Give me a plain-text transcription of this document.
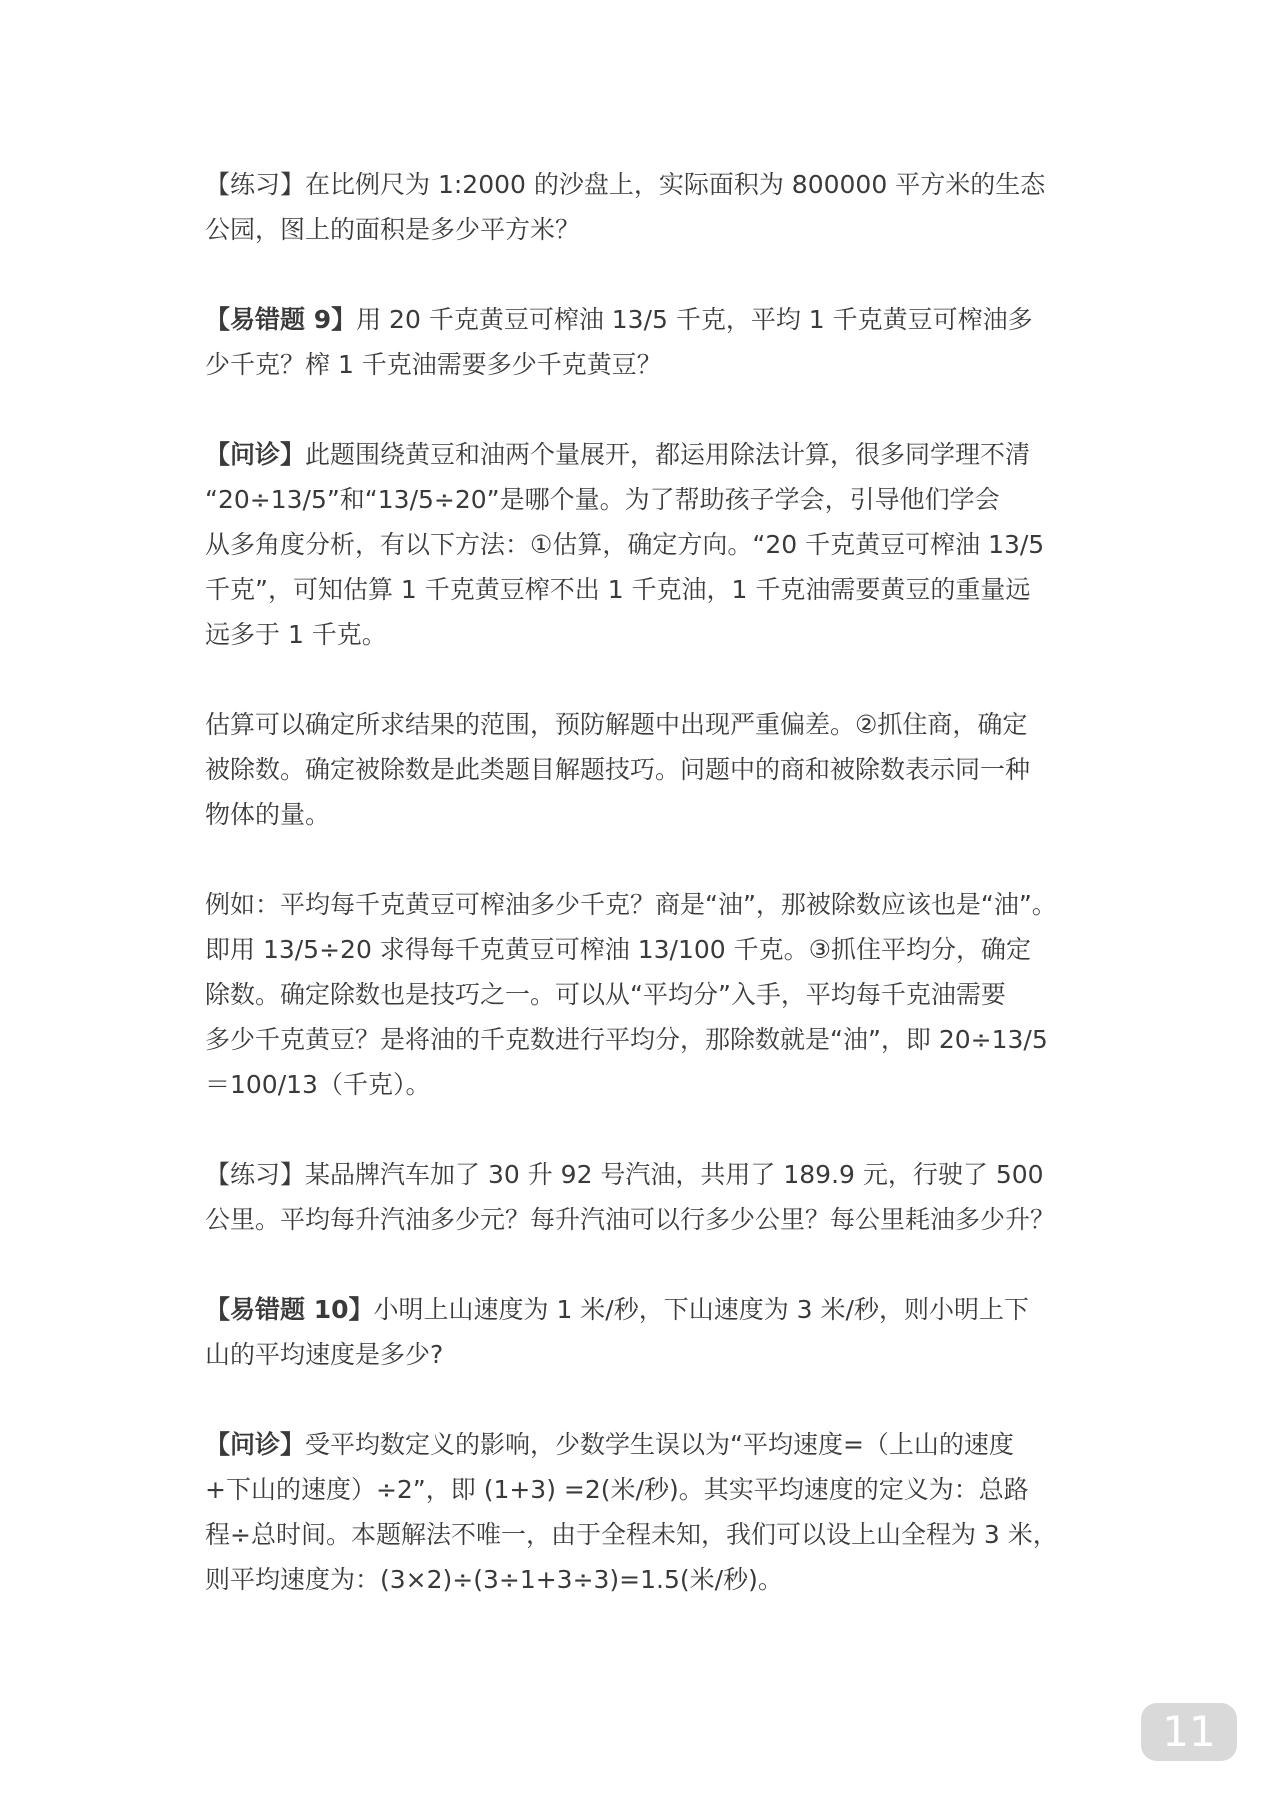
【练习】在比例尺为 1:2000 的沙盘上，实际面积为 800000 平方米的生态
公园，图上的面积是多少平方米？

【易错题 9】用 20 千克黄豆可榨油 13/5 千克，平均 1 千克黄豆可榨油多
少千克？榨 1 千克油需要多少千克黄豆？

【问诊】此题围绕黄豆和油两个量展开，都运用除法计算，很多同学理不清
“20÷13/5”和“13/5÷20”是哪个量。为了帮助孩子学会，引导他们学会
从多角度分析，有以下方法：①估算，确定方向。“20 千克黄豆可榨油 13/5
千克”，可知估算 1 千克黄豆榨不出 1 千克油，1 千克油需要黄豆的重量远
远多于 1 千克。

估算可以确定所求结果的范围，预防解题中出现严重偏差。②抓住商，确定
被除数。确定被除数是此类题目解题技巧。问题中的商和被除数表示同一种
物体的量。

例如：平均每千克黄豆可榨油多少千克？商是“油”，那被除数应该也是“油”。
即用 13/5÷20 求得每千克黄豆可榨油 13/100 千克。③抓住平均分，确定
除数。确定除数也是技巧之一。可以从“平均分”入手，平均每千克油需要
多少千克黄豆？是将油的千克数进行平均分，那除数就是“油”，即 20÷13/5
＝100/13（千克）。

【练习】某品牌汽车加了 30 升 92 号汽油，共用了 189.9 元，行驶了 500
公里。平均每升汽油多少元？每升汽油可以行多少公里？每公里耗油多少升？

【易错题 10】小明上山速度为 1 米/秒，下山速度为 3 米/秒，则小明上下
山的平均速度是多少?

【问诊】受平均数定义的影响，少数学生误以为“平均速度=（上山的速度
+下山的速度）÷2”，即 (1+3) =2(米/秒)。其实平均速度的定义为：总路
程÷总时间。本题解法不唯一，由于全程未知，我们可以设上山全程为 3 米，
则平均速度为：(3×2)÷(3÷1+3÷3)=1.5(米/秒)。

11
